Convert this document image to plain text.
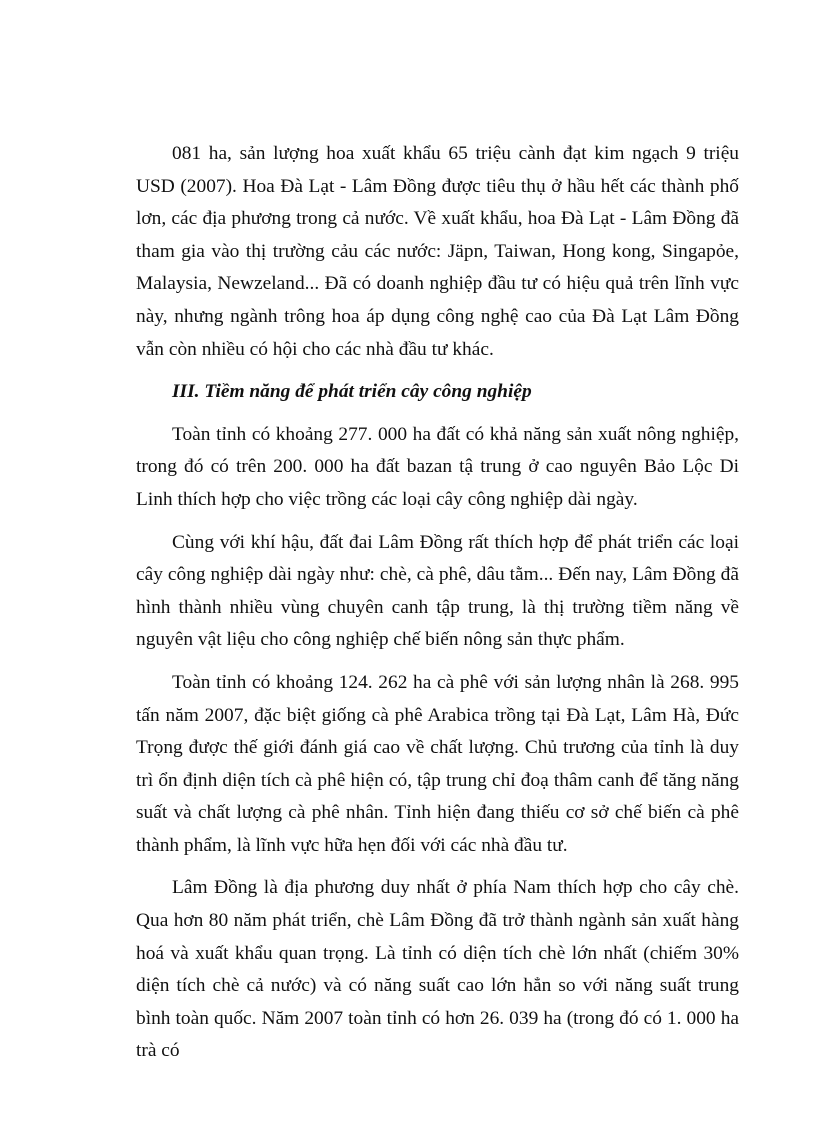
081 ha, sản lượng hoa xuất khẩu 65 triệu cành đạt kim ngạch 9 triệu USD (2007). Hoa Đà Lạt - Lâm Đồng được tiêu thụ ở hầu hết các thành phố lơn, các địa phương trong cả nước. Về xuất khẩu, hoa Đà Lạt - Lâm Đồng đã tham gia vào thị trường cảu các nước: Jäpn, Taiwan, Hong kong, Singapỏe, Malaysia, Newzeland... Đã có doanh nghiệp đầu tư có hiệu quả trên lĩnh vực này, nhưng ngành trông hoa áp dụng công nghệ cao của Đà Lạt Lâm Đồng vẫn còn nhiều có hội cho các nhà đầu tư khác.

III. Tiềm năng để phát triển cây công nghiệp

Toàn tỉnh có khoảng 277. 000 ha đất có khả năng sản xuất nông nghiệp, trong đó có trên 200. 000 ha đất bazan tậ trung ở cao nguyên Bảo Lộc Di Linh thích hợp cho việc trồng các loại cây công nghiệp dài ngày.

Cùng với khí hậu, đất đai Lâm Đồng rất thích hợp để phát triển các loại cây công nghiệp dài ngày như: chè, cà phê, dâu tằm... Đến nay, Lâm Đồng đã hình thành nhiều vùng chuyên canh tập trung, là thị trường tiềm năng về nguyên vật liệu cho công nghiệp chế biến nông sản thực phẩm.

Toàn tỉnh có khoảng 124. 262 ha cà phê với sản lượng nhân là 268. 995 tấn năm 2007, đặc biệt giống cà phê Arabica trồng tại Đà Lạt, Lâm Hà, Đức Trọng được thế giới đánh giá cao về chất lượng. Chủ trương của tỉnh là duy trì ổn định diện tích cà phê hiện có, tập trung chỉ đoạ thâm canh để tăng năng suất và chất lượng cà phê nhân. Tỉnh hiện đang thiếu cơ sở chế biến cà phê thành phẩm, là lĩnh vực hữa hẹn đối với các nhà đầu tư.

Lâm Đồng là địa phương duy nhất ở phía Nam thích hợp cho cây chè. Qua hơn 80 năm phát triển, chè Lâm Đồng đã trở thành ngành sản xuất hàng hoá và xuất khẩu quan trọng. Là tỉnh có diện tích chè lớn nhất (chiếm 30% diện tích chè cả nước) và có năng suất cao lớn hẳn so với năng suất trung bình toàn quốc. Năm 2007 toàn tỉnh có hơn 26. 039 ha (trong đó có 1. 000 ha trà có
